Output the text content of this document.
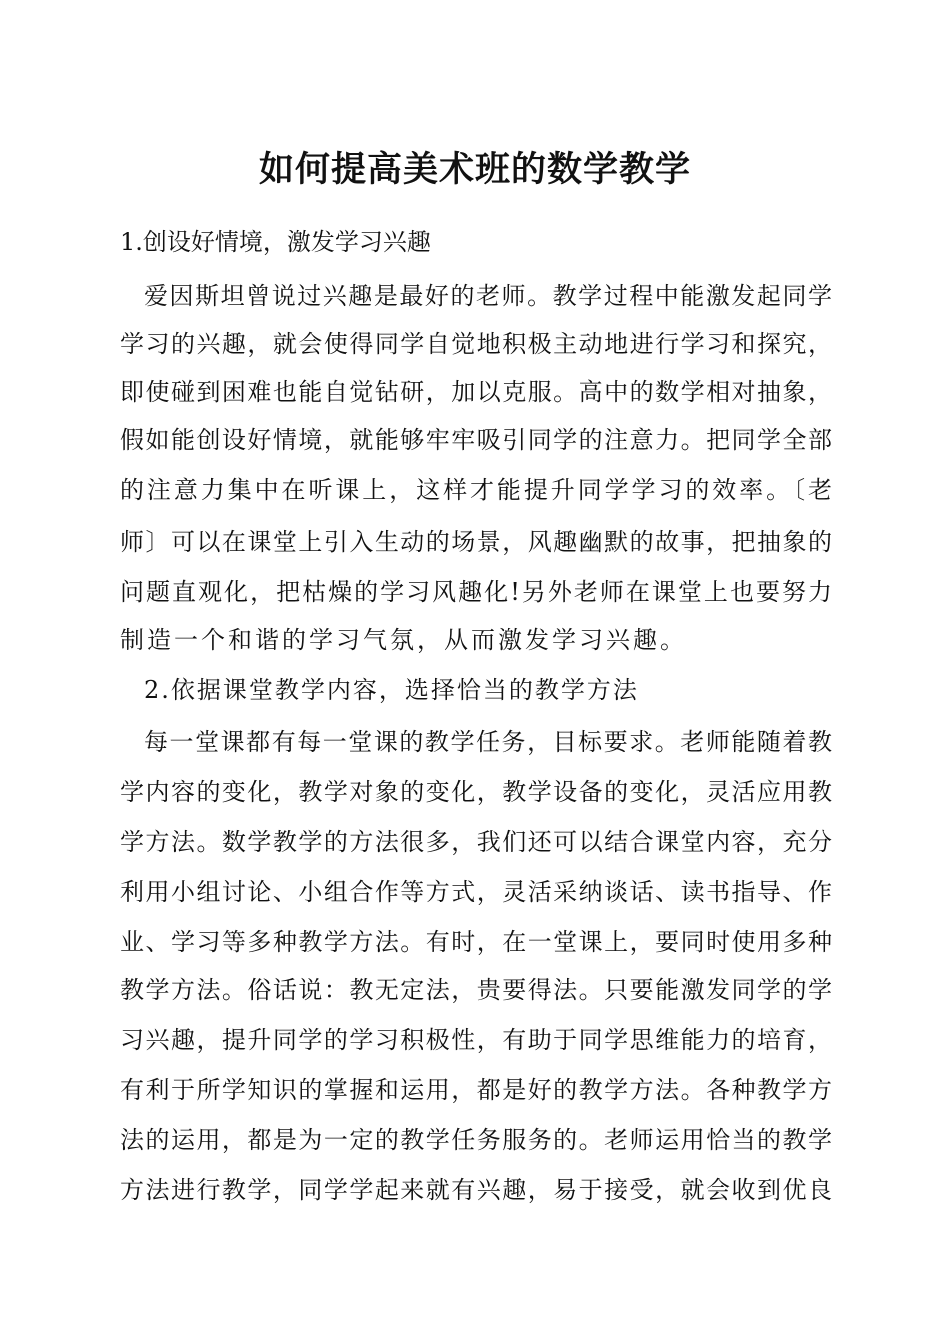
如何提高美术班的数学教学
1.创设好情境，激发学习兴趣
爱因斯坦曾说过兴趣是最好的老师。教学过程中能激发起同学
学习的兴趣，就会使得同学自觉地积极主动地进行学习和探究，
即使碰到困难也能自觉钻研，加以克服。高中的数学相对抽象，
假如能创设好情境，就能够牢牢吸引同学的注意力。把同学全部
的注意力集中在听课上，这样才能提升同学学习的效率。〔老
师〕可以在课堂上引入生动的场景，风趣幽默的故事，把抽象的
问题直观化，把枯燥的学习风趣化!另外老师在课堂上也要努力
制造一个和谐的学习气氛，从而激发学习兴趣。
2.依据课堂教学内容，选择恰当的教学方法
每一堂课都有每一堂课的教学任务，目标要求。老师能随着教
学内容的变化，教学对象的变化，教学设备的变化，灵活应用教
学方法。数学教学的方法很多，我们还可以结合课堂内容，充分
利用小组讨论、小组合作等方式，灵活采纳谈话、读书指导、作
业、学习等多种教学方法。有时，在一堂课上，要同时使用多种
教学方法。俗话说：教无定法，贵要得法。只要能激发同学的学
习兴趣，提升同学的学习积极性，有助于同学思维能力的培育，
有利于所学知识的掌握和运用，都是好的教学方法。各种教学方
法的运用，都是为一定的教学任务服务的。老师运用恰当的教学
方法进行教学，同学学起来就有兴趣，易于接受，就会收到优良
